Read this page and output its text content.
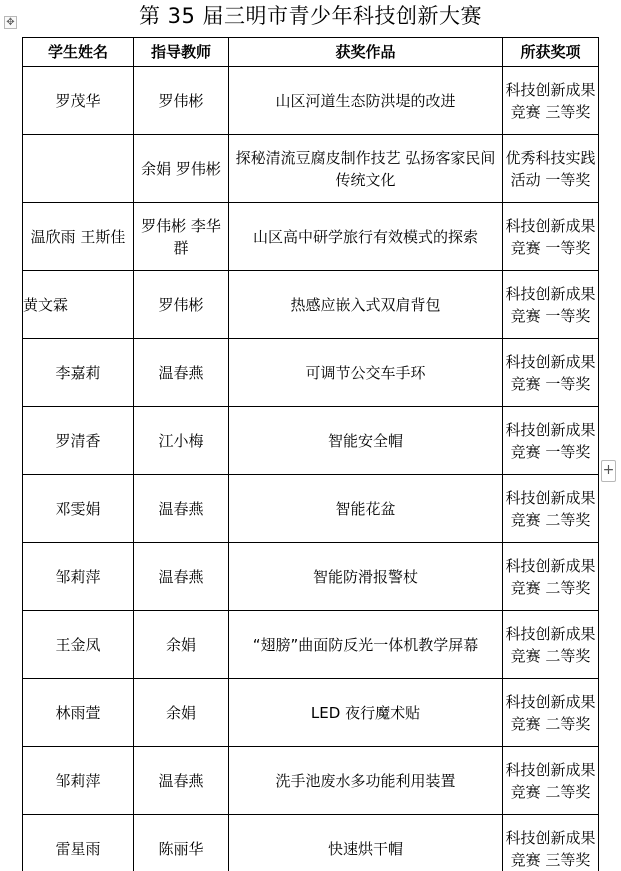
✥	第 35 届三明市青少年科技创新大赛
学生姓名	指导教师	获奖作品	所获奖项
罗茂华	罗伟彬	山区河道生态防洪堤的改进	科技创新成果竞赛 三等奖
	余娟 罗伟彬	探秘清流豆腐皮制作技艺 弘扬客家民间传统文化	优秀科技实践活动 一等奖
温欣雨 王斯佳	罗伟彬 李华群	山区高中研学旅行有效模式的探索	科技创新成果竞赛 一等奖
黄文霖	罗伟彬	热感应嵌入式双肩背包	科技创新成果竞赛 一等奖
李嘉莉	温春燕	可调节公交车手环	科技创新成果竞赛 一等奖
罗清香	江小梅	智能安全帽	科技创新成果竞赛 一等奖
邓雯娟	温春燕	智能花盆	科技创新成果竞赛 二等奖
邹莉萍	温春燕	智能防滑报警杖	科技创新成果竞赛 二等奖
王金凤	余娟	“翅膀”曲面防反光一体机教学屏幕	科技创新成果竞赛 二等奖
林雨萱	余娟	LED 夜行魔术贴	科技创新成果竞赛 二等奖
邹莉萍	温春燕	洗手池废水多功能利用装置	科技创新成果竞赛 二等奖
雷星雨	陈丽华	快速烘干帽	科技创新成果竞赛 三等奖
+
